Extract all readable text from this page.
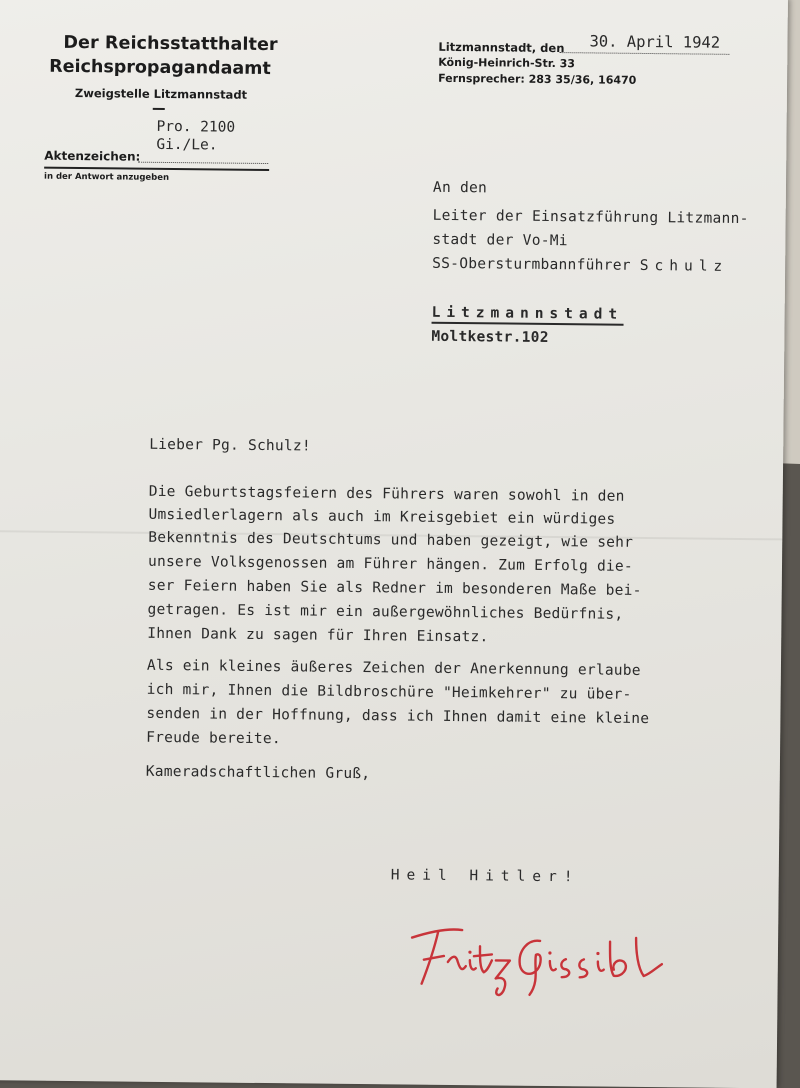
Der Reichsstatthalter
Reichspropagandaamt
Zweigstelle Litzmannstadt
Pro. 2100
Gi./Le.
Aktenzeichen:
in der Antwort anzugeben
Litzmannstadt, den 30. April 1942
König-Heinrich-Str. 33
Fernsprecher: 283 35/36, 16470
An den
Leiter der Einsatzführung Litzmann-
stadt der Vo-Mi
SS-Obersturmbannführer Schulz
Litzmannstadt
Moltkestr.102
Lieber Pg. Schulz!
Die Geburtstagsfeiern des Führers waren sowohl in den
Umsiedlerlagern als auch im Kreisgebiet ein würdiges
Bekenntnis des Deutschtums und haben gezeigt, wie sehr
unsere Volksgenossen am Führer hängen. Zum Erfolg die-
ser Feiern haben Sie als Redner im besonderen Maße bei-
getragen. Es ist mir ein außergewöhnliches Bedürfnis,
Ihnen Dank zu sagen für Ihren Einsatz.
Als ein kleines äußeres Zeichen der Anerkennung erlaube
ich mir, Ihnen die Bildbroschüre "Heimkehrer" zu über-
senden in der Hoffnung, dass ich Ihnen damit eine kleine
Freude bereite.
Kameradschaftlichen Gruß,
Heil Hitler!
